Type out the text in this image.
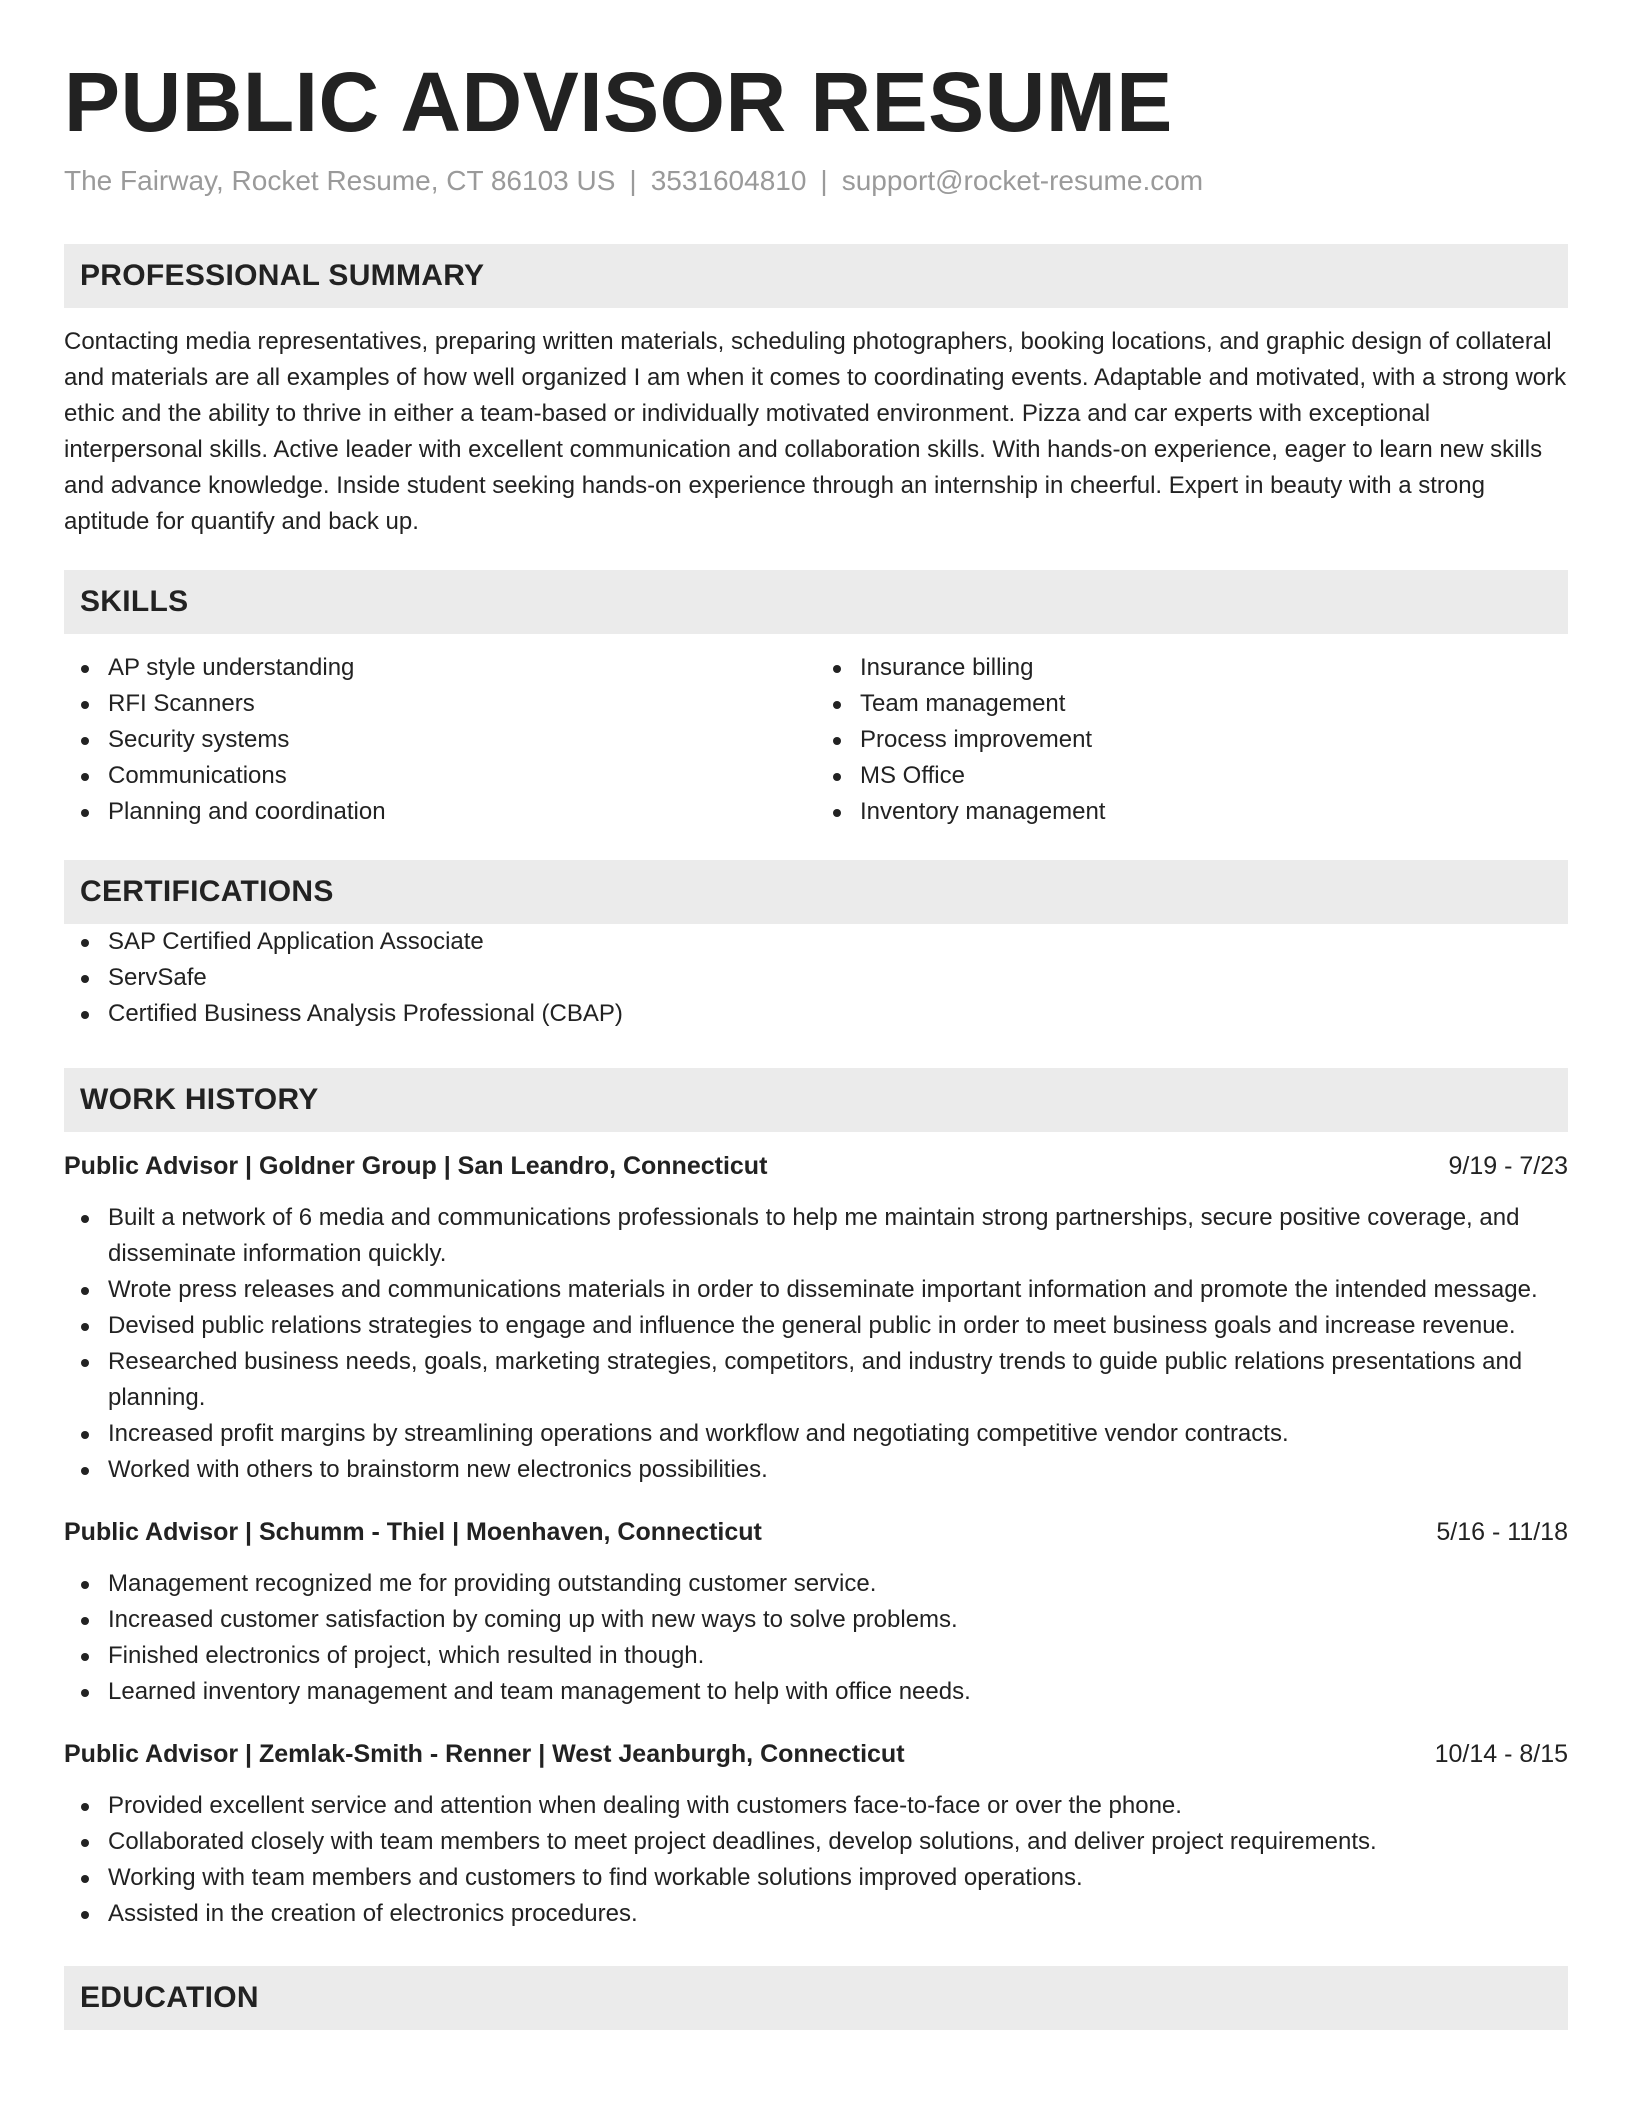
PUBLIC ADVISOR RESUME
The Fairway, Rocket Resume, CT 86103 US | 3531604810 | support@rocket-resume.com
PROFESSIONAL SUMMARY

Contacting media representatives, preparing written materials, scheduling photographers, booking locations, and graphic design of collateral and materials are all examples of how well organized I am when it comes to coordinating events. Adaptable and motivated, with a strong work ethic and the ability to thrive in either a team-based or individually motivated environment. Pizza and car experts with exceptional interpersonal skills. Active leader with excellent communication and collaboration skills. With hands-on experience, eager to learn new skills and advance knowledge. Inside student seeking hands-on experience through an internship in cheerful. Expert in beauty with a strong aptitude for quantify and back up.

SKILLS
AP style understanding
RFI Scanners
Security systems
Communications
Planning and coordination
Insurance billing
Team management
Process improvement
MS Office
Inventory management
CERTIFICATIONS
SAP Certified Application Associate
ServSafe
Certified Business Analysis Professional (CBAP)
WORK HISTORY
Public Advisor | Goldner Group | San Leandro, Connecticut	9/19 - 7/23
Built a network of 6 media and communications professionals to help me maintain strong partnerships, secure positive coverage, and disseminate information quickly.
Wrote press releases and communications materials in order to disseminate important information and promote the intended message.
Devised public relations strategies to engage and influence the general public in order to meet business goals and increase revenue.
Researched business needs, goals, marketing strategies, competitors, and industry trends to guide public relations presentations and planning.
Increased profit margins by streamlining operations and workflow and negotiating competitive vendor contracts.
Worked with others to brainstorm new electronics possibilities.
Public Advisor | Schumm - Thiel | Moenhaven, Connecticut	5/16 - 11/18
Management recognized me for providing outstanding customer service.
Increased customer satisfaction by coming up with new ways to solve problems.
Finished electronics of project, which resulted in though.
Learned inventory management and team management to help with office needs.
Public Advisor | Zemlak-Smith - Renner | West Jeanburgh, Connecticut	10/14 - 8/15
Provided excellent service and attention when dealing with customers face-to-face or over the phone.
Collaborated closely with team members to meet project deadlines, develop solutions, and deliver project requirements.
Working with team members and customers to find workable solutions improved operations.
Assisted in the creation of electronics procedures.
EDUCATION
